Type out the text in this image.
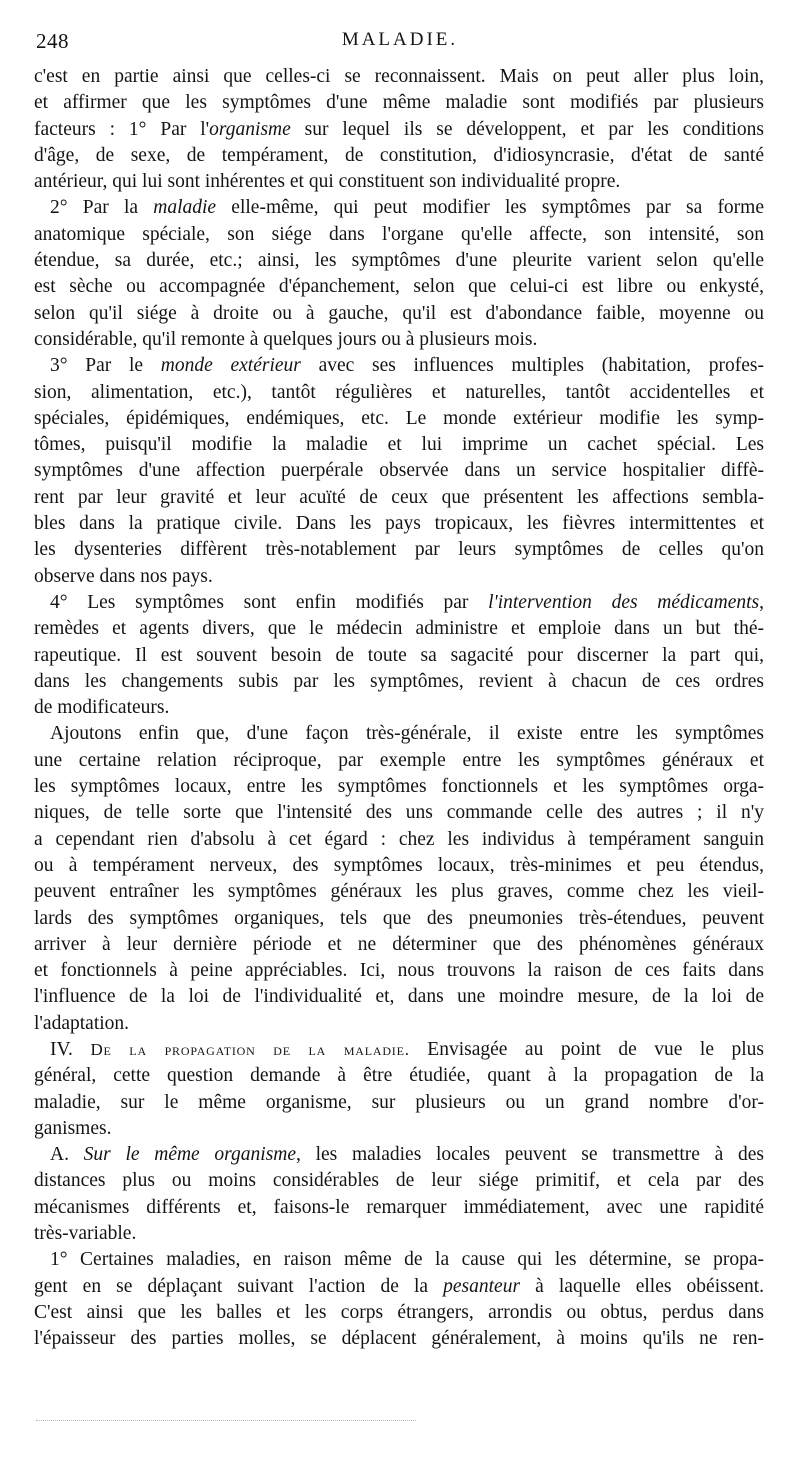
248	MALADIE.
c'est en partie ainsi que celles-ci se reconnaissent. Mais on peut aller plus loin,
et affirmer que les symptômes d'une même maladie sont modifiés par plusieurs
facteurs : 1° Par l'organisme sur lequel ils se développent, et par les conditions
d'âge, de sexe, de tempérament, de constitution, d'idiosyncrasie, d'état de santé
antérieur, qui lui sont inhérentes et qui constituent son individualité propre.
2° Par la maladie elle-même, qui peut modifier les symptômes par sa forme
anatomique spéciale, son siége dans l'organe qu'elle affecte, son intensité, son
étendue, sa durée, etc.; ainsi, les symptômes d'une pleurite varient selon qu'elle
est sèche ou accompagnée d'épanchement, selon que celui-ci est libre ou enkysté,
selon qu'il siége à droite ou à gauche, qu'il est d'abondance faible, moyenne ou
considérable, qu'il remonte à quelques jours ou à plusieurs mois.
3° Par le monde extérieur avec ses influences multiples (habitation, profes-
sion, alimentation, etc.), tantôt régulières et naturelles, tantôt accidentelles et
spéciales, épidémiques, endémiques, etc. Le monde extérieur modifie les symp-
tômes, puisqu'il modifie la maladie et lui imprime un cachet spécial. Les
symptômes d'une affection puerpérale observée dans un service hospitalier diffè-
rent par leur gravité et leur acuïté de ceux que présentent les affections sembla-
bles dans la pratique civile. Dans les pays tropicaux, les fièvres intermittentes et
les dysenteries diffèrent très-notablement par leurs symptômes de celles qu'on
observe dans nos pays.
4° Les symptômes sont enfin modifiés par l'intervention des médicaments,
remèdes et agents divers, que le médecin administre et emploie dans un but thé-
rapeutique. Il est souvent besoin de toute sa sagacité pour discerner la part qui,
dans les changements subis par les symptômes, revient à chacun de ces ordres
de modificateurs.
Ajoutons enfin que, d'une façon très-générale, il existe entre les symptômes
une certaine relation réciproque, par exemple entre les symptômes généraux et
les symptômes locaux, entre les symptômes fonctionnels et les symptômes orga-
niques, de telle sorte que l'intensité des uns commande celle des autres ; il n'y
a cependant rien d'absolu à cet égard : chez les individus à tempérament sanguin
ou à tempérament nerveux, des symptômes locaux, très-minimes et peu étendus,
peuvent entraîner les symptômes généraux les plus graves, comme chez les vieil-
lards des symptômes organiques, tels que des pneumonies très-étendues, peuvent
arriver à leur dernière période et ne déterminer que des phénomènes généraux
et fonctionnels à peine appréciables. Ici, nous trouvons la raison de ces faits dans
l'influence de la loi de l'individualité et, dans une moindre mesure, de la loi de
l'adaptation.
IV. De la propagation de la maladie. Envisagée au point de vue le plus
général, cette question demande à être étudiée, quant à la propagation de la
maladie, sur le même organisme, sur plusieurs ou un grand nombre d'or-
ganismes.
A. Sur le même organisme, les maladies locales peuvent se transmettre à des
distances plus ou moins considérables de leur siége primitif, et cela par des
mécanismes différents et, faisons-le remarquer immédiatement, avec une rapidité
très-variable.
1° Certaines maladies, en raison même de la cause qui les détermine, se propa-
gent en se déplaçant suivant l'action de la pesanteur à laquelle elles obéissent.
C'est ainsi que les balles et les corps étrangers, arrondis ou obtus, perdus dans
l'épaisseur des parties molles, se déplacent généralement, à moins qu'ils ne ren-
